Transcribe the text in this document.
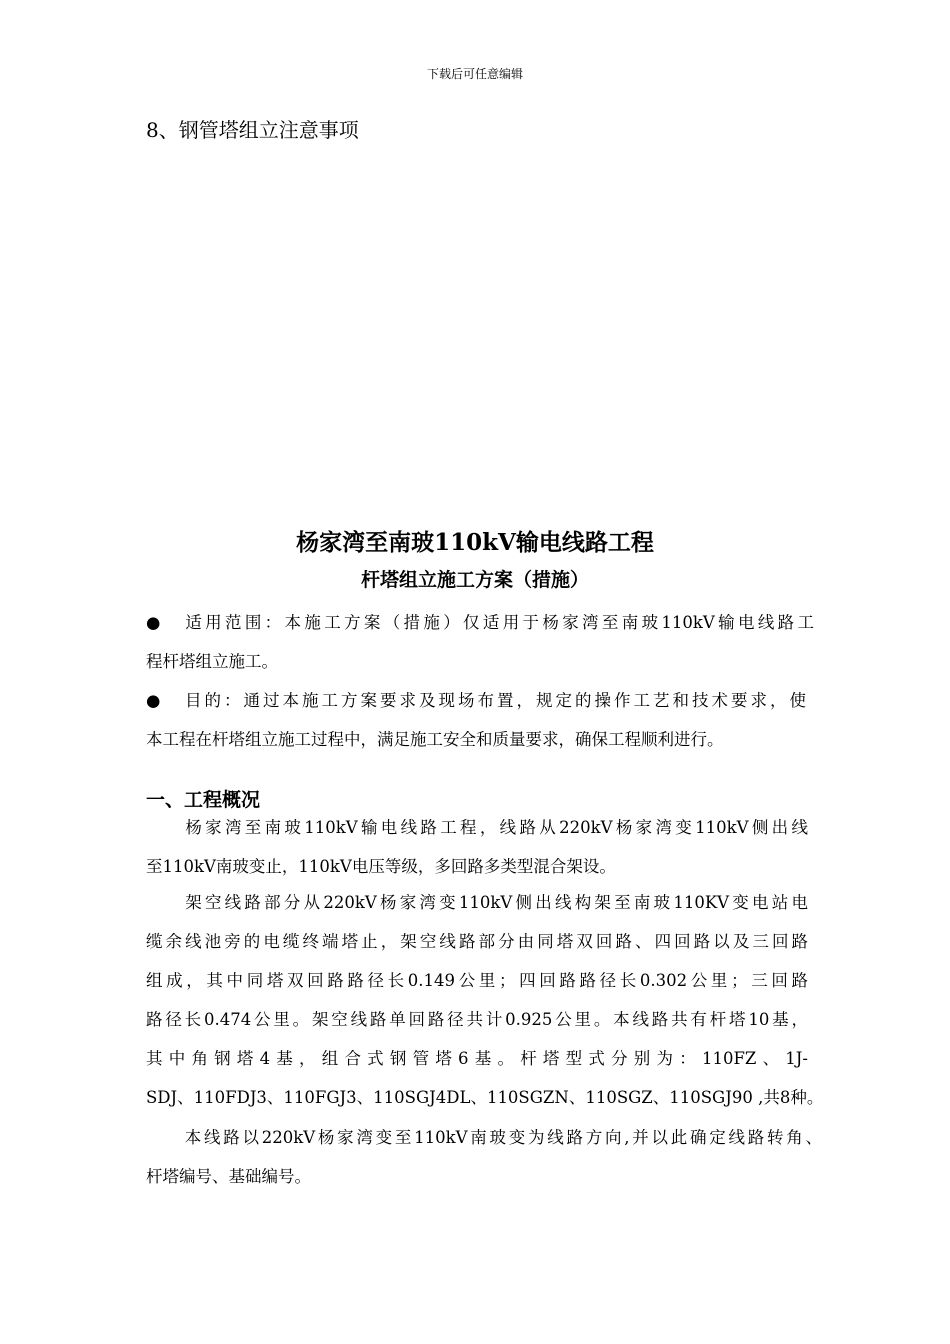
下载后可任意编辑
8、钢管塔组立注意事项
杨家湾至南玻110kV输电线路工程
杆塔组立施工方案（措施）
● 适用范围：本施工方案（措施）仅适用于杨家湾至南玻110kV输电线路工
程杆塔组立施工。
● 目的：通过本施工方案要求及现场布置，规定的操作工艺和技术要求，使
本工程在杆塔组立施工过程中，满足施工安全和质量要求，确保工程顺利进行。
一、工程概况
杨家湾至南玻110kV输电线路工程，线路从220kV杨家湾变110kV侧出线
至110kV南玻变止，110kV电压等级，多回路多类型混合架设。
架空线路部分从220kV杨家湾变110kV侧出线构架至南玻110KV变电站电
缆余线池旁的电缆终端塔止，架空线路部分由同塔双回路、四回路以及三回路
组成，其中同塔双回路路径长0.149公里；四回路路径长0.302公里；三回路
路径长0.474公里。架空线路单回路径共计0.925公里。本线路共有杆塔10基，
其中角钢塔4基，组合式钢管塔6基。杆塔型式分别为：110FZ、1J-
SDJ、110FDJ3、110FGJ3、110SGJ4DL、110SGZN、110SGZ、110SGJ90 ,共8种。
本线路以220kV杨家湾变至110kV南玻变为线路方向,并以此确定线路转角、
杆塔编号、基础编号。
